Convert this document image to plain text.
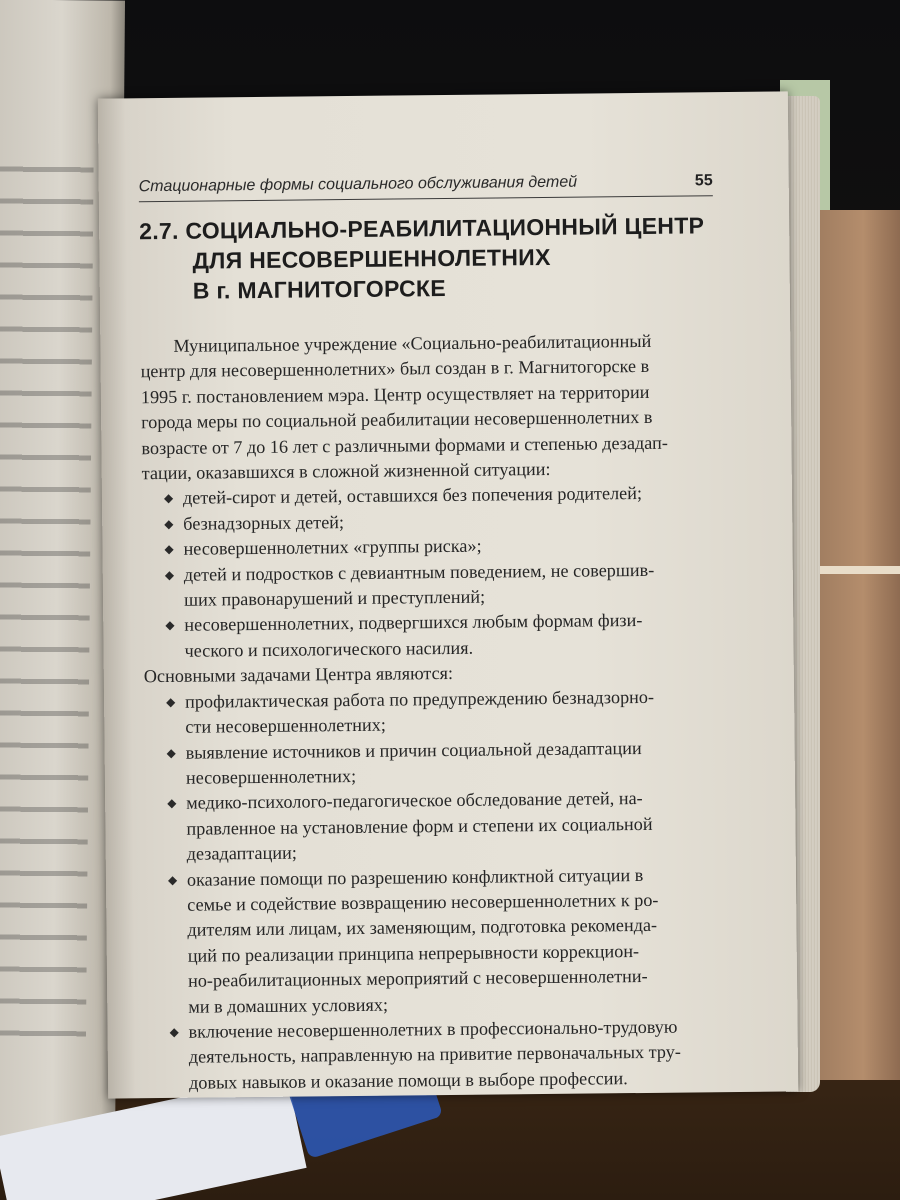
Стационарные формы социального обслуживания детей	55
2.7. СОЦИАЛЬНО-РЕАБИЛИТАЦИОННЫЙ ЦЕНТР
ДЛЯ НЕСОВЕРШЕННОЛЕТНИХ
В г. МАГНИТОГОРСКЕ
Муниципальное учреждение «Социально-реабилитационный
центр для несовершеннолетних» был создан в г. Магнитогорске в
1995 г. постановлением мэра. Центр осуществляет на территории
города меры по социальной реабилитации несовершеннолетних в
возрасте от 7 до 16 лет с различными формами и степенью дезадап-
тации, оказавшихся в сложной жизненной ситуации:
◆ детей-сирот и детей, оставшихся без попечения родителей;
◆ безнадзорных детей;
◆ несовершеннолетних «группы риска»;
◆ детей и подростков с девиантным поведением, не совершив-
ших правонарушений и преступлений;
◆ несовершеннолетних, подвергшихся любым формам физи-
ческого и психологического насилия.
Основными задачами Центра являются:
◆ профилактическая работа по предупреждению безнадзорно-
сти несовершеннолетних;
◆ выявление источников и причин социальной дезадаптации
несовершеннолетних;
◆ медико-психолого-педагогическое обследование детей, на-
правленное на установление форм и степени их социальной
дезадаптации;
◆ оказание помощи по разрешению конфликтной ситуации в
семье и содействие возвращению несовершеннолетних к ро-
дителям или лицам, их заменяющим, подготовка рекоменда-
ций по реализации принципа непрерывности коррекцион-
но-реабилитационных мероприятий с несовершеннолетни-
ми в домашних условиях;
◆ включение несовершеннолетних в профессионально-трудовую
деятельность, направленную на привитие первоначальных тру-
довых навыков и оказание помощи в выборе профессии.
